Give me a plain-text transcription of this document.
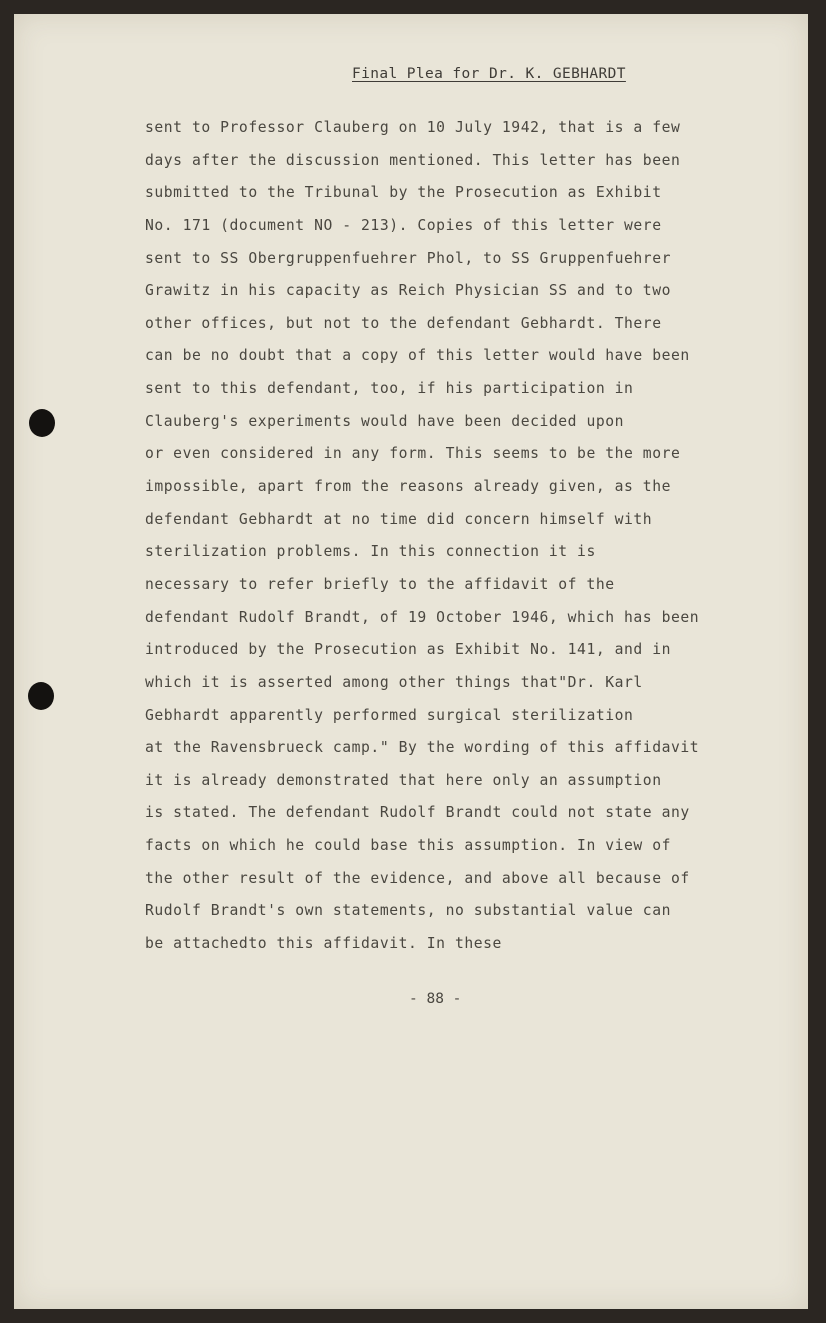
Final Plea for Dr. K. GEBHARDT
sent to Professor Clauberg on 10 July 1942, that is a few
days after the discussion mentioned. This letter has been
submitted to the Tribunal by the Prosecution as Exhibit
No. 171 (document NO - 213). Copies of this letter were
sent to SS Obergruppenfuehrer Phol, to SS Gruppenfuehrer
Grawitz in his capacity as Reich Physician SS and to two
other offices, but not to the defendant Gebhardt. There
can be no doubt that a copy of this letter would have been
sent to this defendant, too, if his participation in
Clauberg's experiments would have been decided upon
or even considered in any form. This seems to be the more
impossible, apart from the reasons already given, as the
defendant Gebhardt at no time did concern himself with
sterilization problems. In this connection it is
necessary to refer briefly to the affidavit of the
defendant Rudolf Brandt, of 19 October 1946, which has been
introduced by the Prosecution as Exhibit No. 141, and in
which it is asserted among other things that"Dr. Karl
Gebhardt apparently performed surgical sterilization
at the Ravensbrueck camp." By the wording of this affidavit
it is already demonstrated that here only an assumption
is stated. The defendant Rudolf Brandt could not state any
facts on which he could base this assumption. In view of
the other result of the evidence, and above all because of
Rudolf Brandt's own statements, no substantial value can
be attachedto this affidavit. In these
- 88 -
